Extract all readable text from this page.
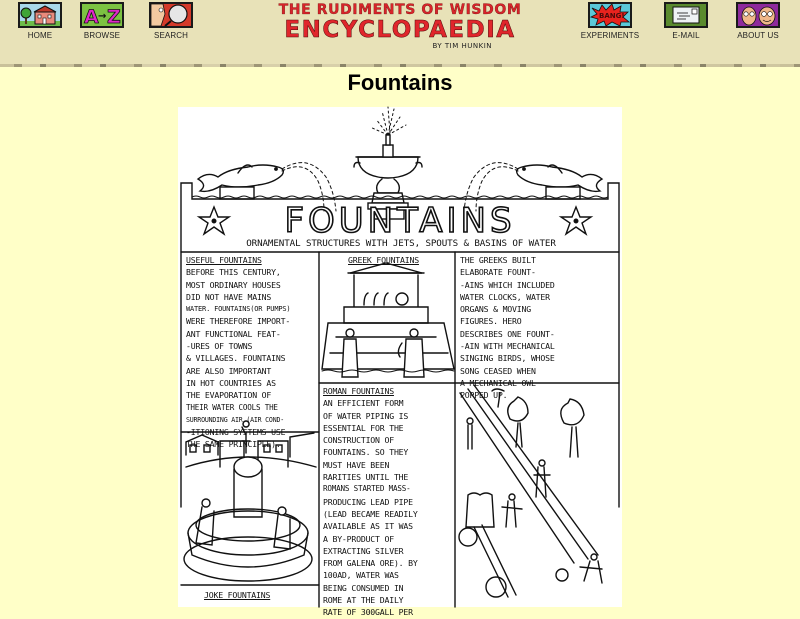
HOME
A → Z
BROWSE	SEARCH
THE RUDIMENTS OF WISDOM
ENCYCLOPAEDIA
BY TIM HUNKIN
BANG!
EXPERIMENTS	E-MAIL	ABOUT US
Fountains
FOUNTAINS
ORNAMENTAL STRUCTURES WITH JETS, SPOUTS & BASINS OF WATER
USEFUL FOUNTAINS
BEFORE THIS CENTURY,
MOST ORDINARY HOUSES
DID NOT HAVE MAINS
WATER. FOUNTAINS(OR PUMPS)
WERE THEREFORE IMPORT-
ANT FUNCTIONAL FEAT-
-URES OF TOWNS
& VILLAGES. FOUNTAINS
ARE ALSO IMPORTANT
IN HOT COUNTRIES AS
THE EVAPORATION OF
THEIR WATER COOLS THE
SURROUNDING AIR (AIR COND-
-ITIONING SYSTEMS USE
THE SAME PRINCIPLE).
GREEK FOUNTAINS	THE GREEKS BUILT
ELABORATE FOUNT-
-AINS WHICH INCLUDED
WATER CLOCKS, WATER
ORGANS & MOVING
FIGURES. HERO
DESCRIBES ONE FOUNT-
-AIN WITH MECHANICAL
SINGING BIRDS, WHOSE
SONG CEASED WHEN
A MECHANICAL OWL
POPPED UP.
ROMAN FOUNTAINS
AN EFFICIENT FORM
OF WATER PIPING IS
ESSENTIAL FOR THE
CONSTRUCTION OF
FOUNTAINS. SO THEY
MUST HAVE BEEN
RARITIES UNTIL THE
ROMANS STARTED MASS-
PRODUCING LEAD PIPE
(LEAD BECAME READILY
AVAILABLE AS IT WAS
A BY-PRODUCT OF
EXTRACTING SILVER
FROM GALENA ORE). BY
100AD, WATER WAS
BEING CONSUMED IN
ROME AT THE DAILY
RATE OF 300GALL PER
JOKE FOUNTAINS
